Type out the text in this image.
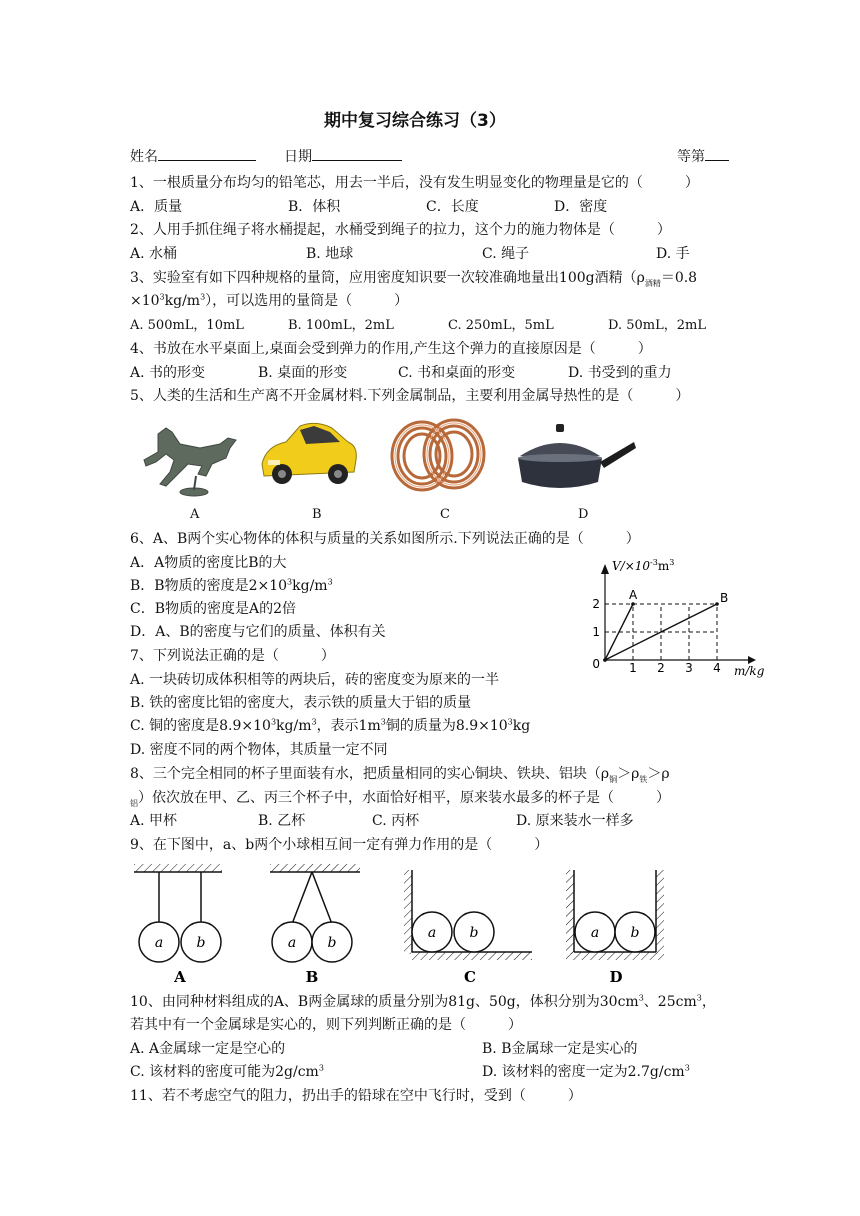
期中复习综合练习（3）
姓名	日期	等第
1、一根质量分布均匀的铅笔芯，用去一半后，没有发生明显变化的物理量是它的（　　　）
A．质量	B．体积	C．长度	D．密度
2、人用手抓住绳子将水桶提起，水桶受到绳子的拉力，这个力的施力物体是（　　　）
A. 水桶	B. 地球	C. 绳子	D. 手
3、实验室有如下四种规格的量筒，应用密度知识要一次较准确地量出100g酒精（$\rho_{酒精}=0.8$
$\times 10^3kg/m^3$），可以选用的量筒是（　　　）
A. 500mL，10mL	B. 100mL，2mL	C. 250mL，5mL	D. 50mL，2mL
4、书放在水平桌面上,桌面会受到弹力的作用,产生这个弹力的直接原因是（　　　）
A. 书的形变	B. 桌面的形变	C. 书和桌面的形变	D. 书受到的重力
5、人类的生活和生产离不开金属材料.下列金属制品，主要利用金属导热性的是（　　　）
A	B	C	D
6、A、B两个实心物体的体积与质量的关系如图所示.下列说法正确的是（　　　）
A．A物质的密度比B的大
B．B物质的密度是$2\times 10^3kg/m^3$
C．B物质的密度是A的2倍
D．A、B的密度与它们的质量、体积有关
1 2 3 4
1
2
0
$V/\times 10^{-3}m^3$
m/kg
A	B
7、下列说法正确的是（　　　）
A. 一块砖切成体积相等的两块后，砖的密度变为原来的一半
B. 铁的密度比铝的密度大，表示铁的质量大于铝的质量
C. 铜的密度是$8.9\times 10^3kg/m^3$，表示$1m^3$铜的质量为$8.9\times 10^3kg$
D. 密度不同的两个物体，其质量一定不同
8、三个完全相同的杯子里面装有水，把质量相同的实心铜块、铁块、铝块（$\rho_铜>\rho_铁>\rho$
$_铝$）依次放在甲、乙、丙三个杯子中，水面恰好相平，原来装水最多的杯子是（　　　）
A. 甲杯	B. 乙杯	C. 丙杯	D. 原来装水一样多
9、在下图中，a、b两个小球相互间一定有弹力作用的是（　　　）
a b	a b
a b	a b
A	B	C	D
10、由同种材料组成的A、B两金属球的质量分别为81g、50g，体积分别为$30cm^3$、$25cm^3$，
若其中有一个金属球是实心的，则下列判断正确的是（　　　）
A. A金属球一定是空心的	B. B金属球一定是实心的
C. 该材料的密度可能为$2g/cm^3$	D. 该材料的密度一定为$2.7g/cm^3$
11、若不考虑空气的阻力，扔出手的铅球在空中飞行时，受到（　　　）
